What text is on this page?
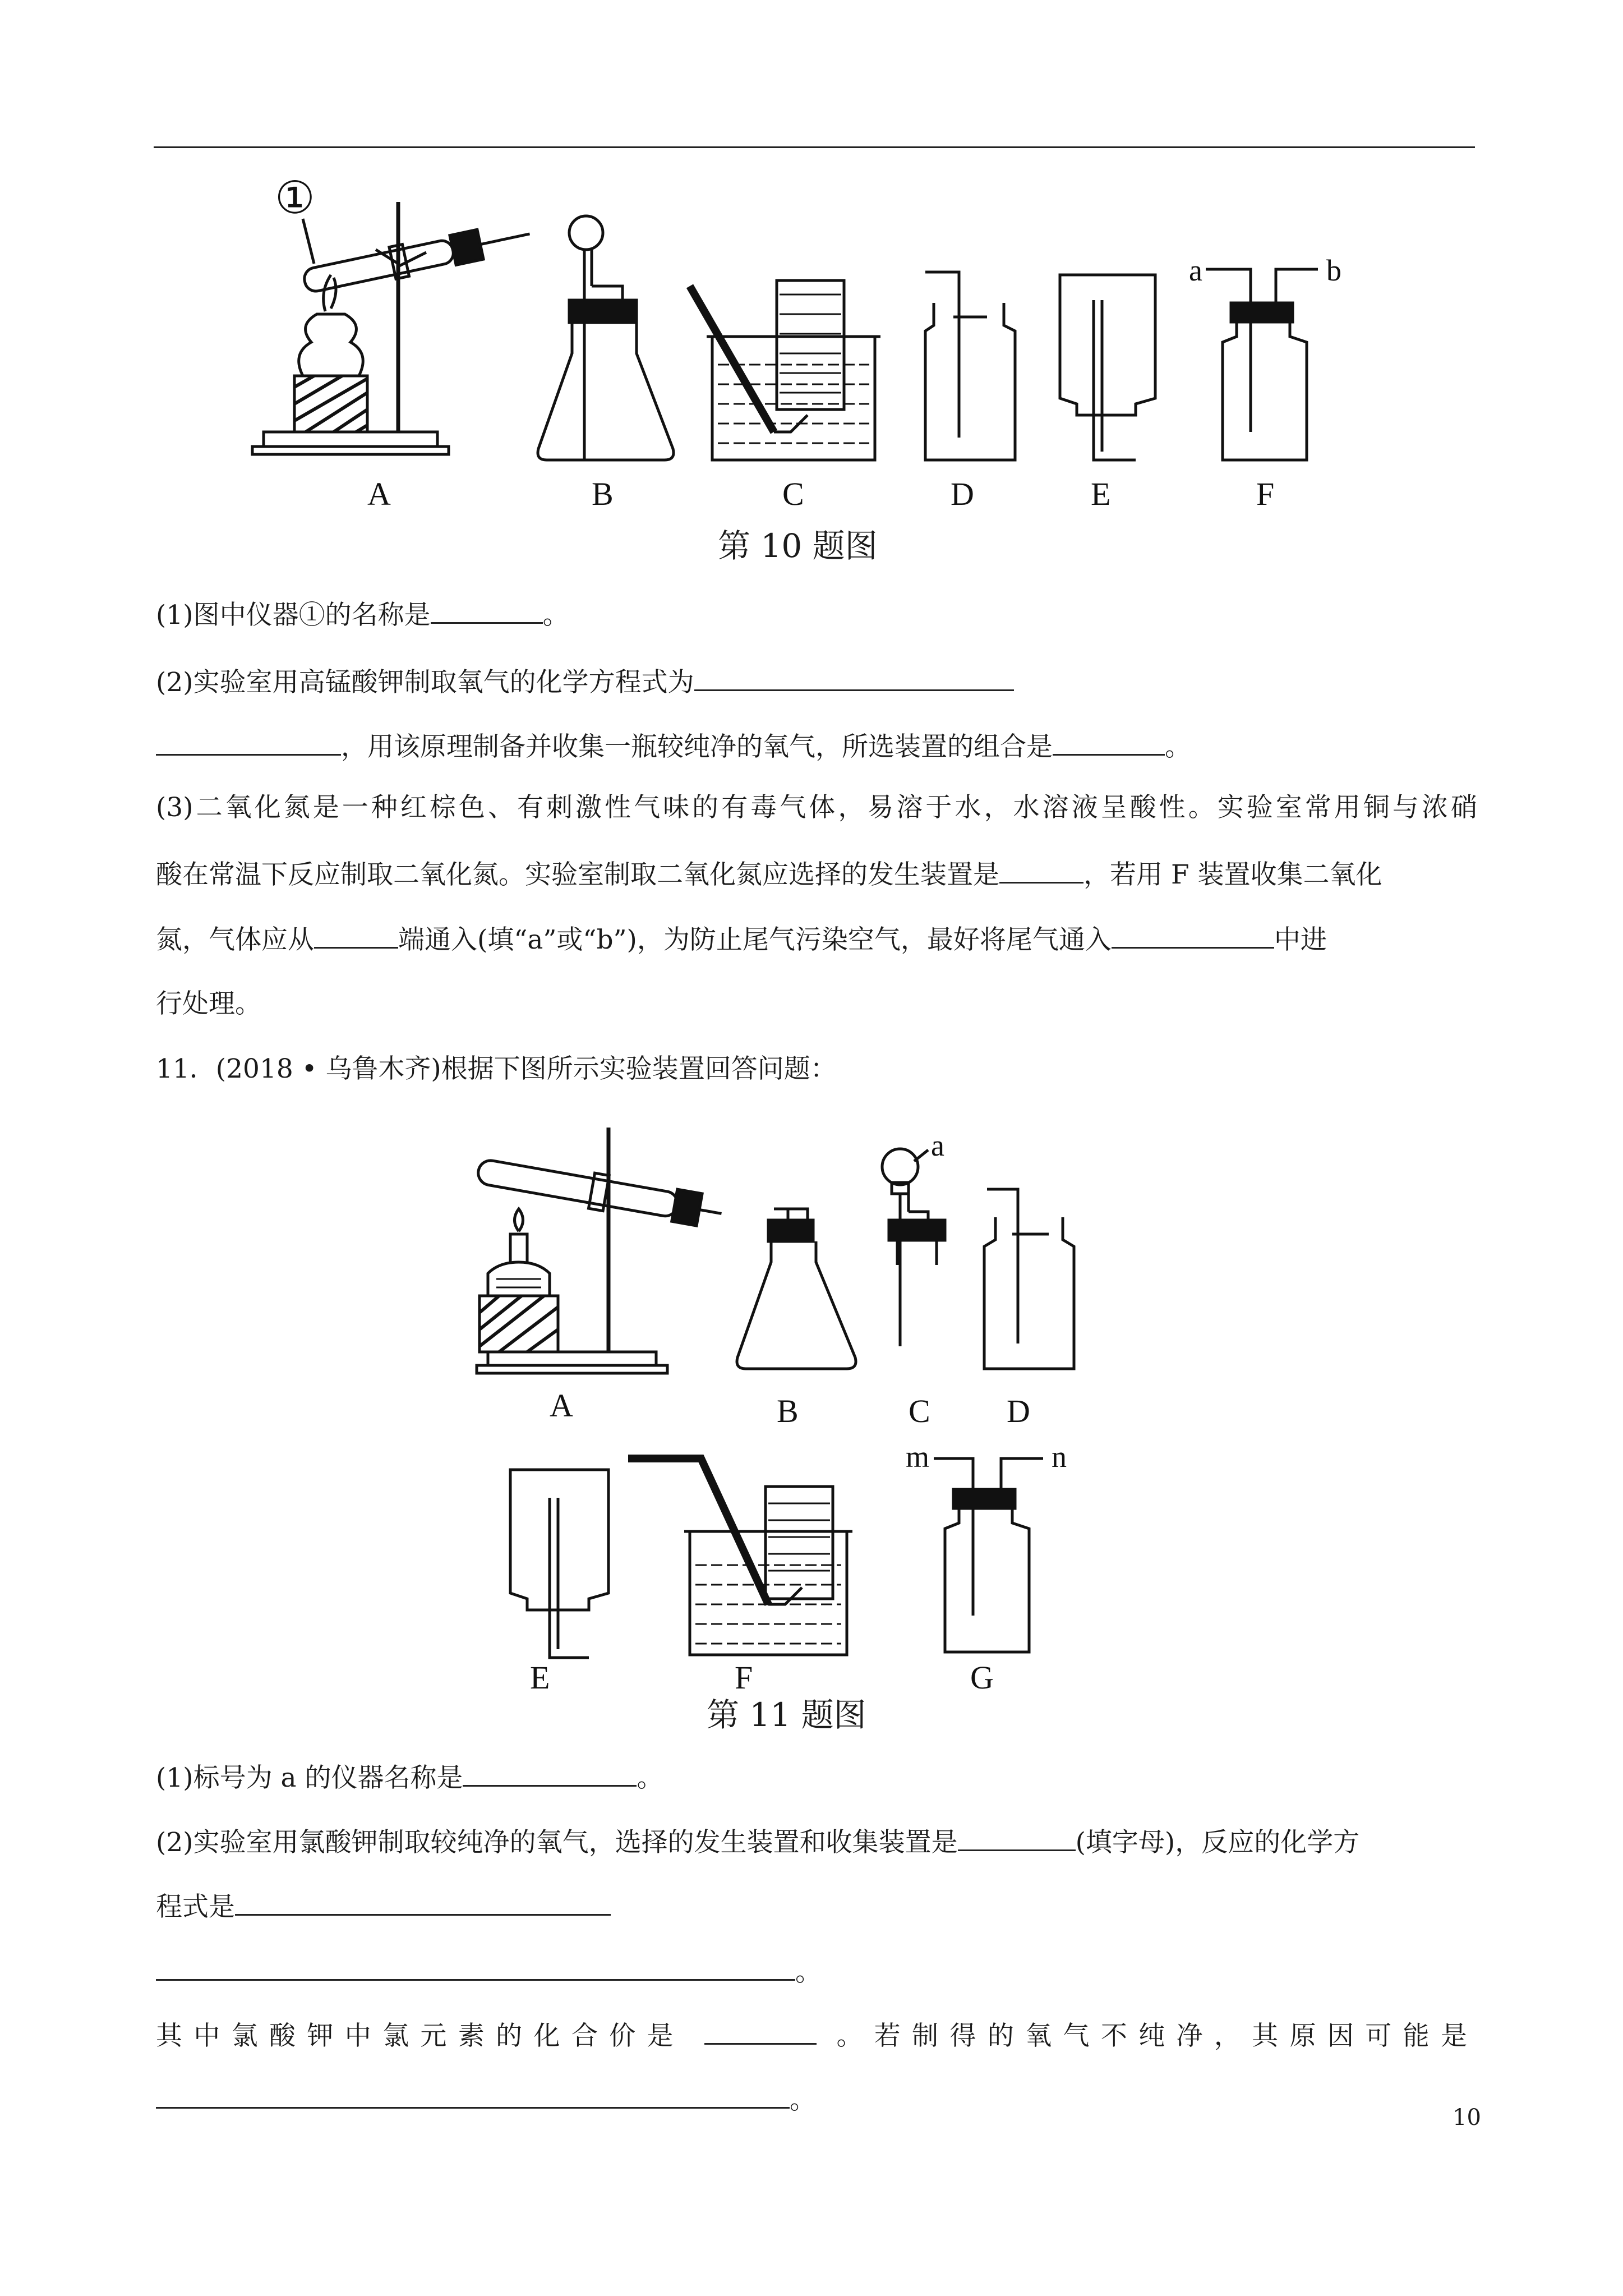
①
A	B	C	D	E
a	b
F
第 10 题图
(1)图中仪器①的名称是	。
(2)实验室用高锰酸钾制取氧气的化学方程式为
，用该原理制备并收集一瓶较纯净的氧气，所选装置的组合是	。
(3)二氧化氮是一种红棕色、有刺激性气味的有毒气体，易溶于水，水溶液呈酸性。实验室常用铜与浓硝
酸在常温下反应制取二氧化氮。实验室制取二氧化氮应选择的发生装置是	，若用 F 装置收集二氧化
氮，气体应从	端通入(填“a”或“b”)，为防止尾气污染空气，最好将尾气通入	中进
行处理。
11．(2018 • 乌鲁木齐)根据下图所示实验装置回答问题：
A	B
a
C D
E	F
m	n
G
第 11 题图
(1)标号为 a 的仪器名称是	。
(2)实验室用氯酸钾制取较纯净的氧气，选择的发生装置和收集装置是	(填字母)，反应的化学方
程式是
。
其中氯酸钾中氯元素的化合价是	。若制得的氧气不纯净，其原因可能是
。
10
